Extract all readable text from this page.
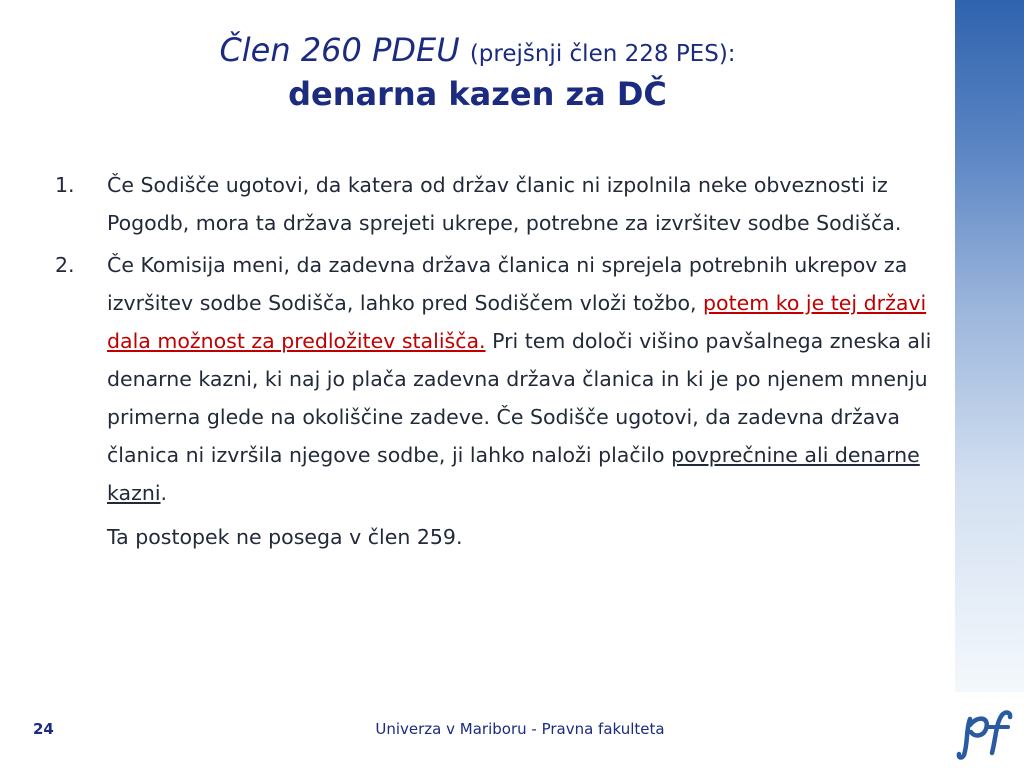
Člen 260 PDEU (prejšnji člen 228 PES):
denarna kazen za DČ
1.	Če Sodišče ugotovi, da katera od držav članic ni izpolnila neke obveznosti iz Pogodb, mora ta država sprejeti ukrepe, potrebne za izvršitev sodbe Sodišča.
2.	Če Komisija meni, da zadevna država članica ni sprejela potrebnih ukrepov za izvršitev sodbe Sodišča, lahko pred Sodiščem vloži tožbo, potem ko je tej državi dala možnost za predložitev stališča. Pri tem določi višino pavšalnega zneska ali denarne kazni, ki naj jo plača zadevna država članica in ki je po njenem mnenju primerna glede na okoliščine zadeve. Če Sodišče ugotovi, da zadevna država članica ni izvršila njegove sodbe, ji lahko naloži plačilo povprečnine ali denarne kazni.
Ta postopek ne posega v člen 259.
24	Univerza v Mariboru - Pravna fakulteta
